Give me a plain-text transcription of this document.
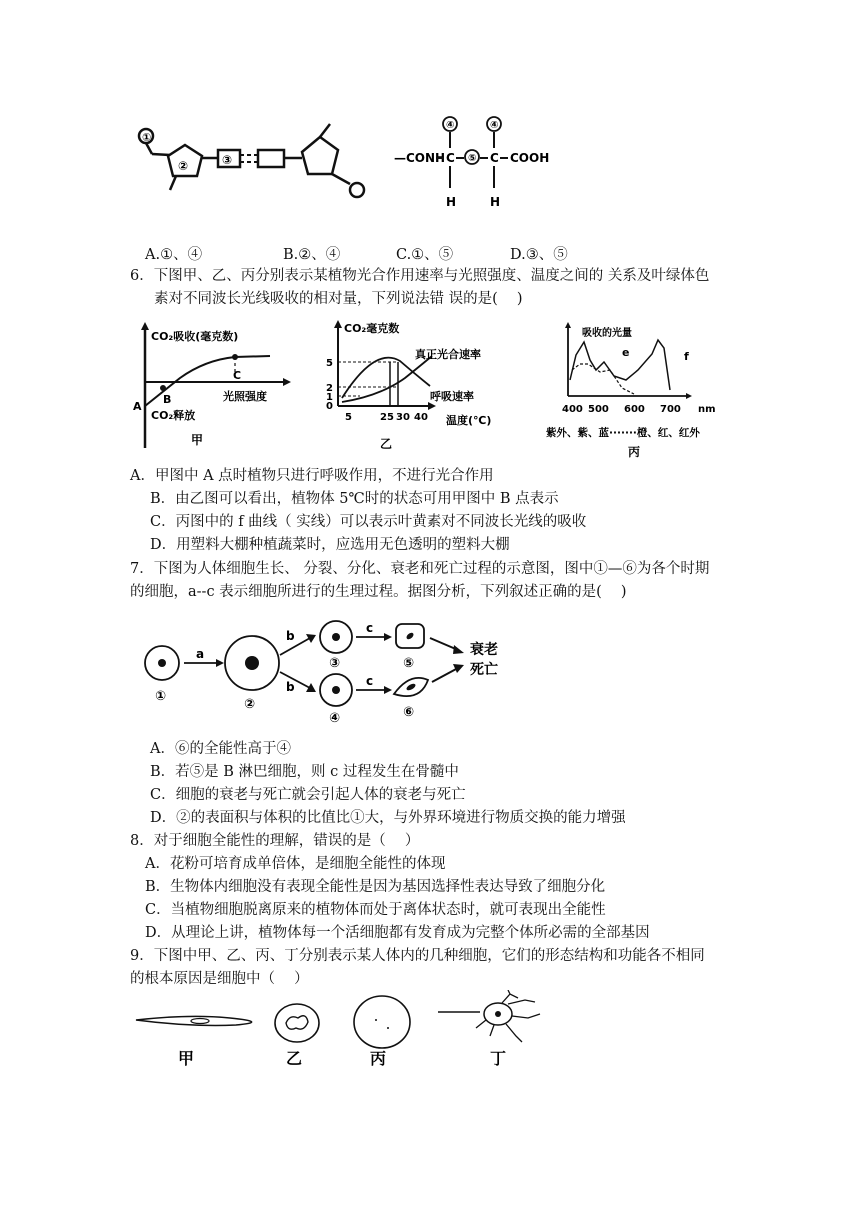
①
②	③	—CONH C
④
H
⑤ C
④
H
COOH
A.①、④	B.②、④	C.①、⑤	D.③、⑤
6．下图甲、乙、丙分别表示某植物光合作用速率与光照强度、温度之间的 关系及叶绿体色
素对不同波长光线吸收的相对量，下列说法错 误的是(　 )
CO₂吸收(毫克数)
A
B
C
光照强度
CO₂释放
甲
CO₂毫克数
5
2
1
0
真正光合速率
呼吸速率
5	25 30 40 温度(℃)
乙
吸收的光量
e	f
400 500 600 700 nm
紫外、紫、蓝·······橙、红、红外
丙
A．甲图中 A 点时植物只进行呼吸作用，不进行光合作用
B．由乙图可以看出，植物体 5℃时的状态可用甲图中 B 点表示
C．丙图中的 f 曲线（ 实线）可以表示叶黄素对不同波长光线的吸收
D．用塑料大棚种植蔬菜时，应选用无色透明的塑料大棚
7．下图为人体细胞生长、 分裂、分化、衰老和死亡过程的示意图，图中①—⑥为各个时期
的细胞，a--c 表示细胞所进行的生理过程。据图分析，下列叙述正确的是(　 )
①
a
②
b
b
③
④
c
c
⑤
⑥
衰老
死亡
A．⑥的全能性高于④
B．若⑤是 B 淋巴细胞，则 c 过程发生在骨髓中
C．细胞的衰老与死亡就会引起人体的衰老与死亡
D．②的表面积与体积的比值比①大，与外界环境进行物质交换的能力增强
8．对于细胞全能性的理解，错误的是（　 ）
A．花粉可培育成单倍体，是细胞全能性的体现
B．生物体内细胞没有表现全能性是因为基因选择性表达导致了细胞分化
C．当植物细胞脱离原来的植物体而处于离体状态时，就可表现出全能性
D．从理论上讲，植物体每一个活细胞都有发育成为完整个体所必需的全部基因
9．下图中甲、乙、丙、丁分别表示某人体内的几种细胞，它们的形态结构和功能各不相同
的根本原因是细胞中（　 ）
甲	乙	丙	丁
